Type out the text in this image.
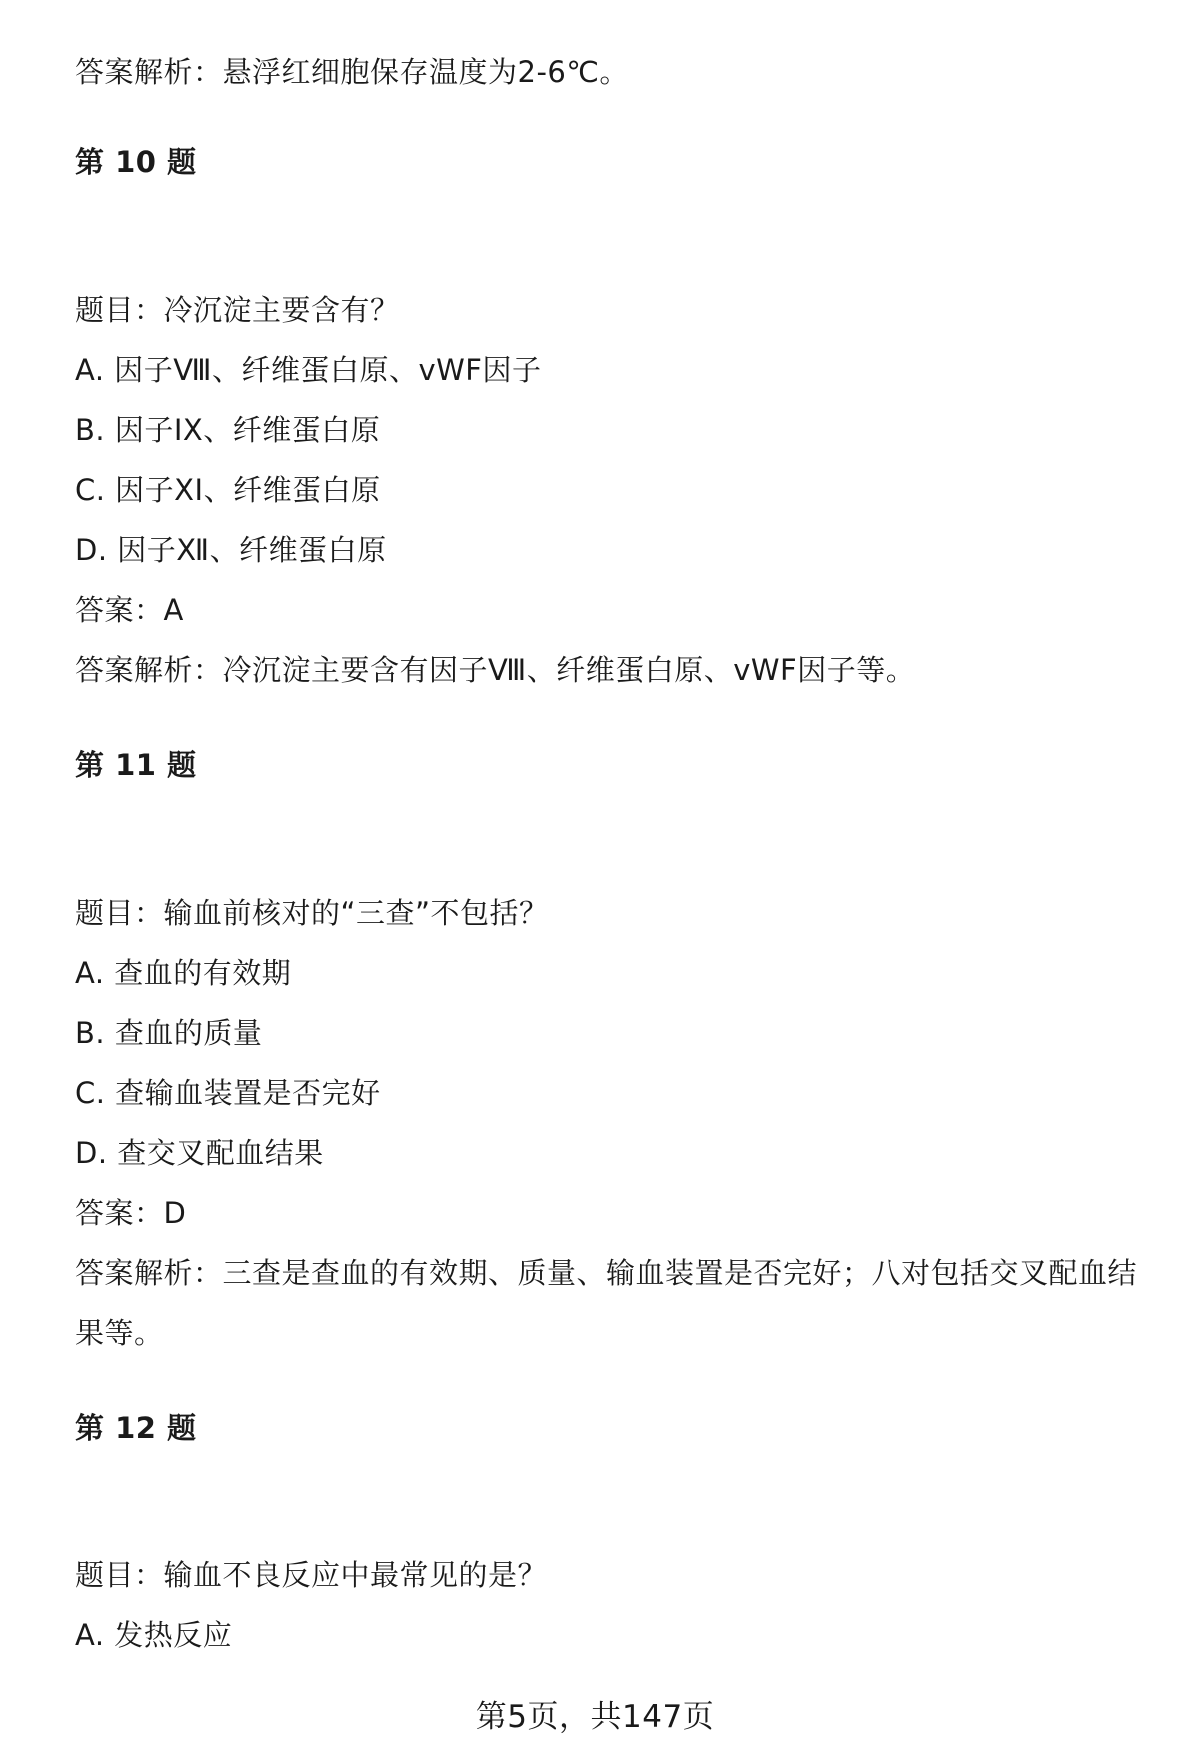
答案解析：悬浮红细胞保存温度为2-6℃。
第 10 题
题目：冷沉淀主要含有？
A. 因子Ⅷ、纤维蛋白原、vWF因子
B. 因子IX、纤维蛋白原
C. 因子XI、纤维蛋白原
D. 因子Ⅻ、纤维蛋白原
答案：A
答案解析：冷沉淀主要含有因子Ⅷ、纤维蛋白原、vWF因子等。
第 11 题
题目：输血前核对的“三查”不包括？
A. 查血的有效期
B. 查血的质量
C. 查输血装置是否完好
D. 查交叉配血结果
答案：D
答案解析：三查是查血的有效期、质量、输血装置是否完好；八对包括交叉配血结
果等。
第 12 题
题目：输血不良反应中最常见的是？
A. 发热反应
第5页，共147页
